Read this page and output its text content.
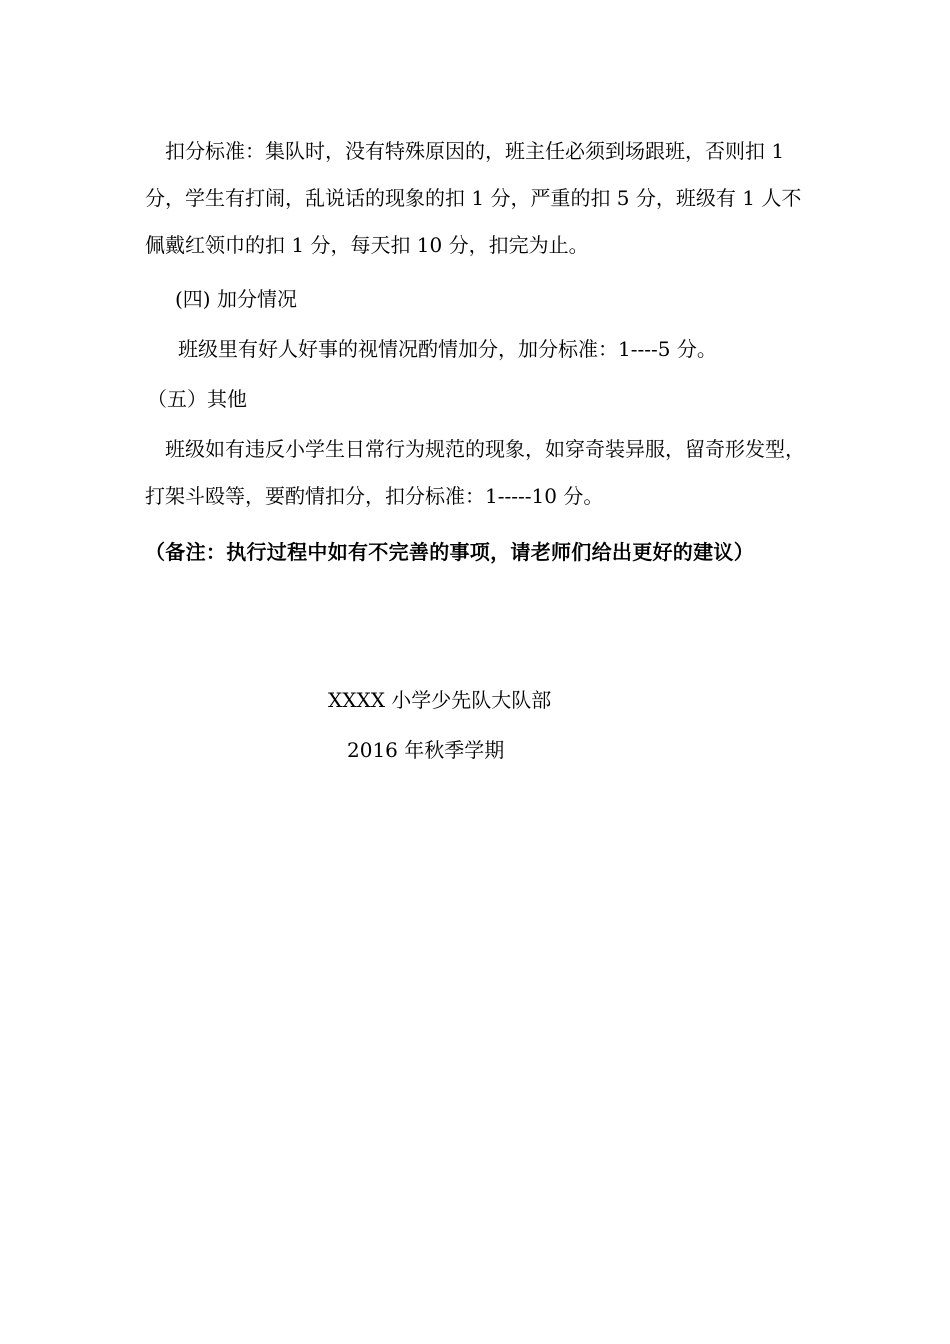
扣分标准：集队时，没有特殊原因的，班主任必须到场跟班，否则扣 1 分，学生有打闹，乱说话的现象的扣 1 分，严重的扣 5 分，班级有 1 人不佩戴红领巾的扣 1 分，每天扣 10 分，扣完为止。

(四) 加分情况

班级里有好人好事的视情况酌情加分，加分标准：1----5 分。

（五）其他

班级如有违反小学生日常行为规范的现象，如穿奇装异服，留奇形发型，打架斗殴等，要酌情扣分，扣分标准：1-----10 分。

（备注：执行过程中如有不完善的事项，请老师们给出更好的建议）

XXXX 小学少先队大队部
2016 年秋季学期
